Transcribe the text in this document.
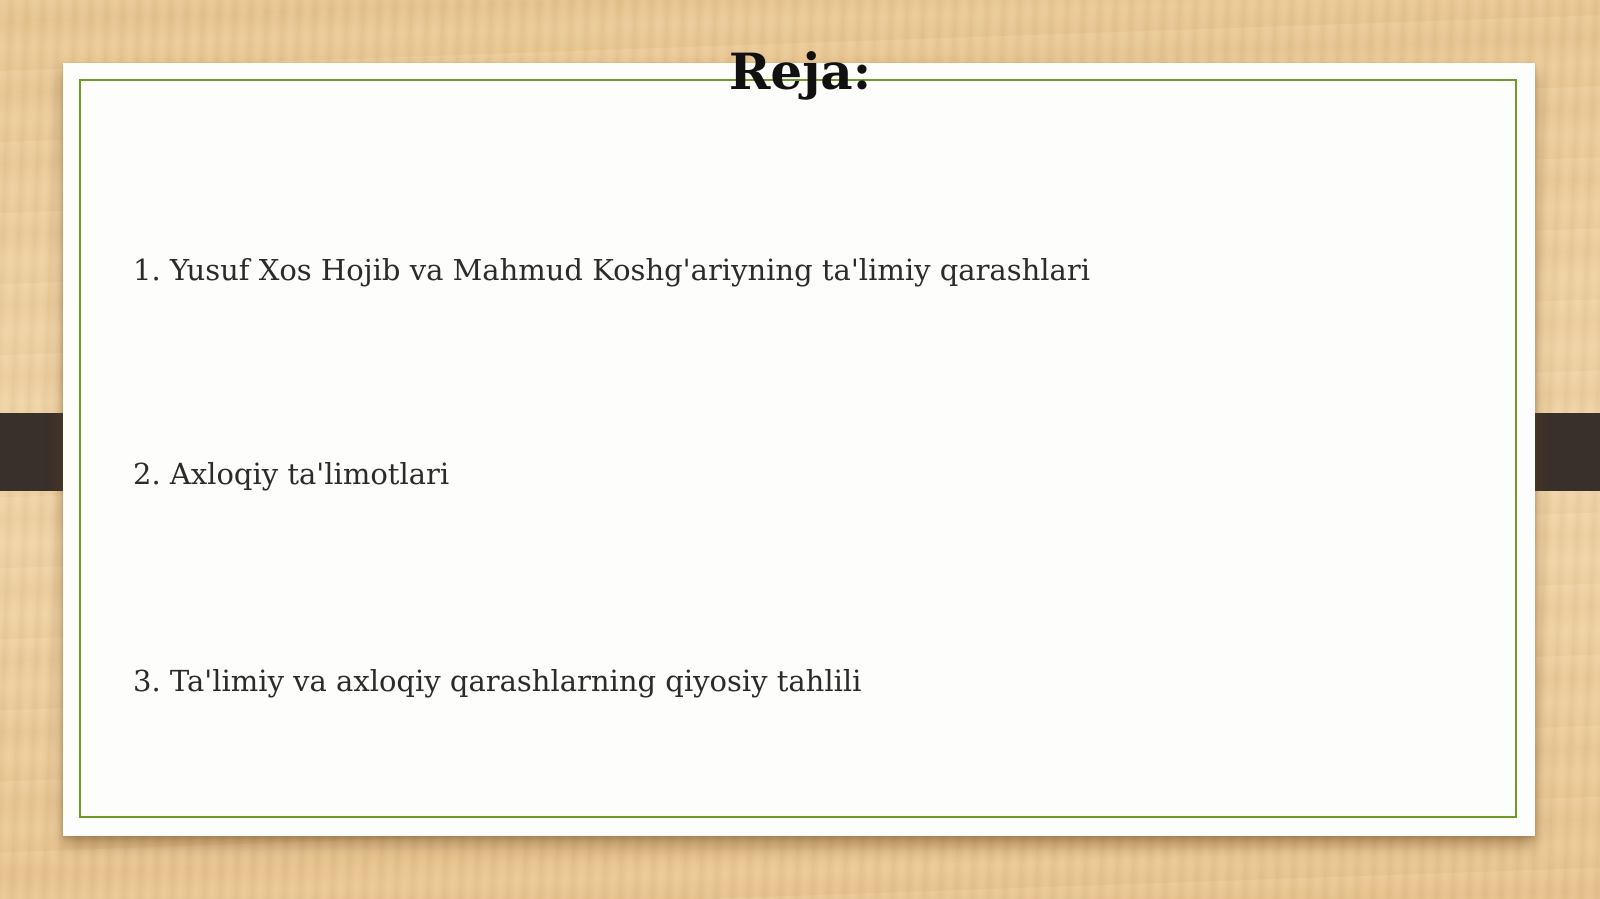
Reja:
1. Yusuf Xos Hojib va Mahmud Koshg'ariyning ta'limiy qarashlari
2. Axloqiy ta'limotlari
3. Ta'limiy va axloqiy qarashlarning qiyosiy tahlili
